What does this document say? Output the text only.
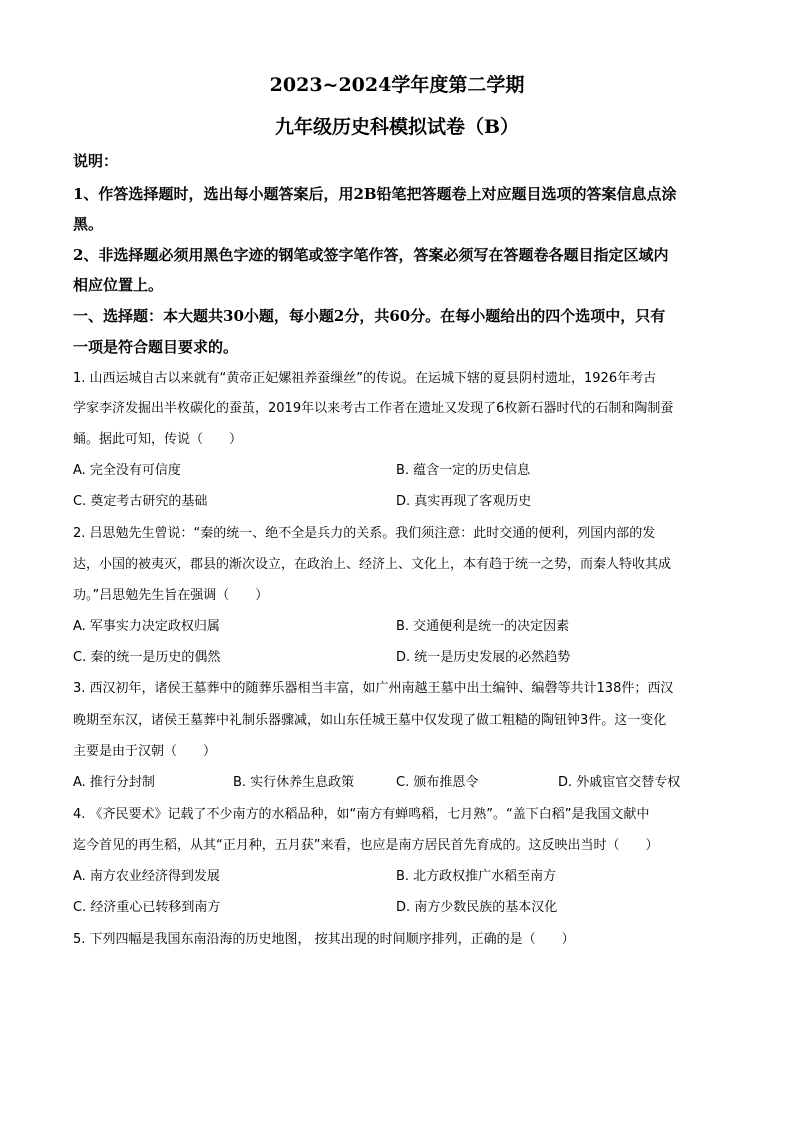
2023~2024学年度第二学期
九年级历史科模拟试卷（B）
说明：
1、作答选择题时，选出每小题答案后，用2B铅笔把答题卷上对应题目选项的答案信息点涂
黑。
2、非选择题必须用黑色字迹的钢笔或签字笔作答，答案必须写在答题卷各题目指定区域内
相应位置上。
一、选择题：本大题共30小题，每小题2分，共60分。在每小题给出的四个选项中，只有
一项是符合题目要求的。
1. 山西运城自古以来就有“黄帝正妃嫘祖养蚕缫丝”的传说。在运城下辖的夏县阴村遗址，1926年考古
学家李济发掘出半枚碳化的蚕茧，2019年以来考古工作者在遗址又发现了6枚新石器时代的石制和陶制蚕
蛹。据此可知，传说（　　）
A. 完全没有可信度	B. 蕴含一定的历史信息
C. 奠定考古研究的基础	D. 真实再现了客观历史
2. 吕思勉先生曾说：“秦的统一、绝不全是兵力的关系。我们须注意：此时交通的便利，列国内部的发
达，小国的被夷灭，郡县的渐次设立，在政治上、经济上、文化上，本有趋于统一之势，而秦人特收其成
功。”吕思勉先生旨在强调（　　）
A. 军事实力决定政权归属	B. 交通便利是统一的决定因素
C. 秦的统一是历史的偶然	D. 统一是历史发展的必然趋势
3. 西汉初年，诸侯王墓葬中的随葬乐器相当丰富，如广州南越王墓中出土编钟、编磬等共计138件；西汉
晚期至东汉，诸侯王墓葬中礼制乐器骤减，如山东任城王墓中仅发现了做工粗糙的陶钮钟3件。这一变化
主要是由于汉朝（　　）
A. 推行分封制	B. 实行休养生息政策	C. 颁布推恩令	D. 外戚宦官交替专权
4. 《齐民要术》记载了不少南方的水稻品种，如“南方有蝉鸣稻，七月熟”。“盖下白稻”是我国文献中
迄今首见的再生稻，从其“正月种，五月获”来看，也应是南方居民首先育成的。这反映出当时（　　）
A. 南方农业经济得到发展	B. 北方政权推广水稻至南方
C. 经济重心已转移到南方	D. 南方少数民族的基本汉化
5. 下列四幅是我国东南沿海的历史地图， 按其出现的时间顺序排列，正确的是（　　）
